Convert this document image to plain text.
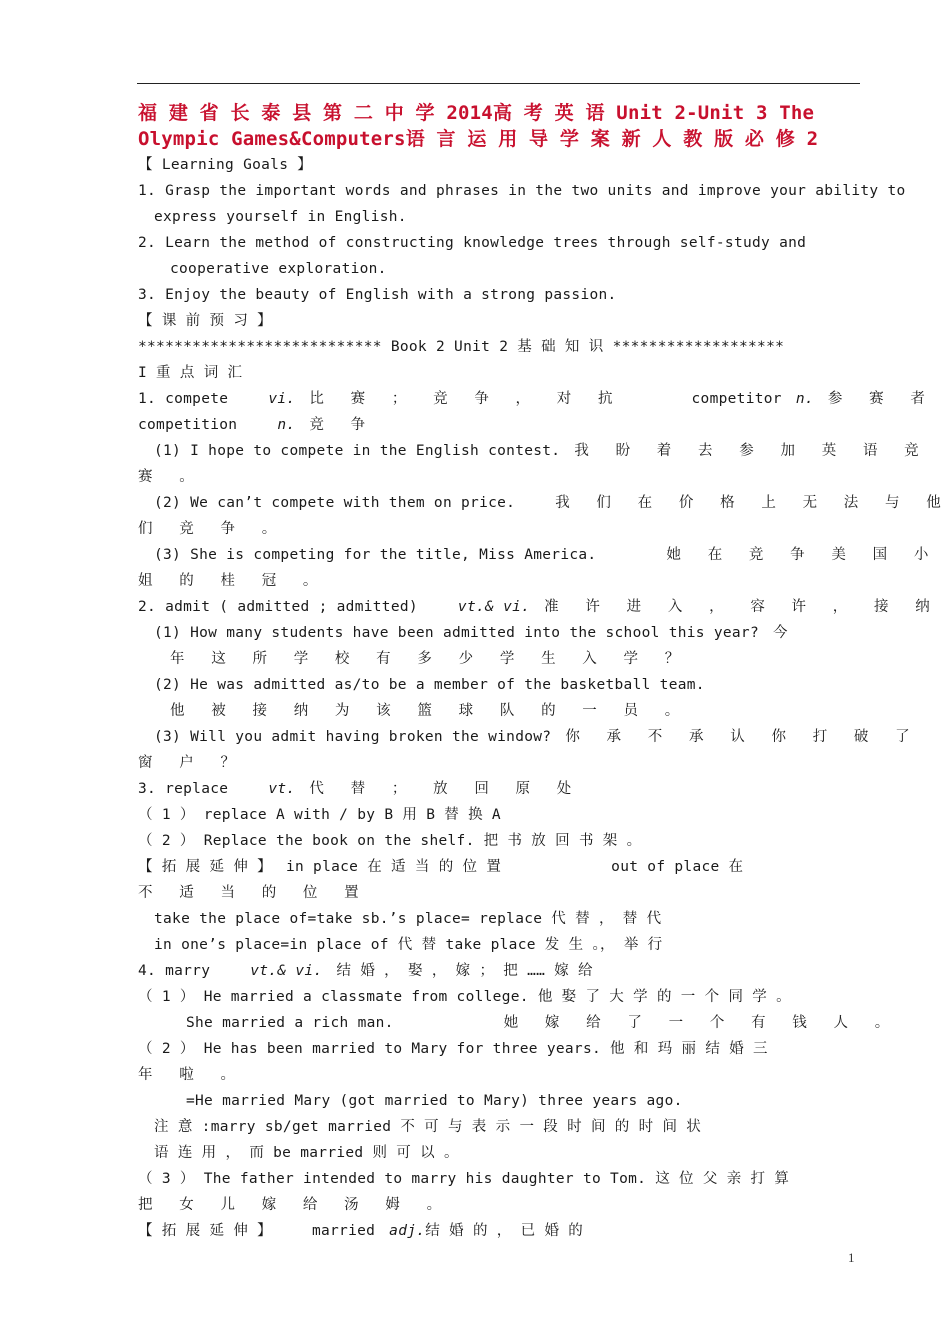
福 建 省 长 泰 县 第 二 中 学 2014高 考 英 语 Unit 2-Unit 3 The
Olympic Games&Computers语 言 运 用 导 学 案 新 人 教 版 必 修 2
【 Learning Goals 】
1. Grasp the important words and phrases in the two units and improve your ability to
express yourself in English.
2. Learn the method of constructing knowledge trees through self-study and
cooperative exploration.
3. Enjoy the beauty of English with a strong passion.
【 课 前 预 习 】
*************************** Book 2 Unit 2 基 础 知 识 *******************
I 重 点 词 汇
1. compete	vi. 比 赛 ； 竞 争 ， 对 抗	competitor n. 参 赛 者
competition	n. 竞 争
(1) I hope to compete in the English contest. 我 盼 着 去 参 加 英 语 竞
赛 。
(2) We can’t compete with them on price.	我 们 在 价 格 上 无 法 与 他
们 竞 争 。
(3) She is competing for the title, Miss America.	她 在 竞 争 美 国 小
姐 的 桂 冠 。
2. admit ( admitted ; admitted)	vt.& vi. 准 许 进 入 ， 容 许 ， 接 纳
(1) How many students have been admitted into the school this year? 今
年 这 所 学 校 有 多 少 学 生 入 学 ？
(2) He was admitted as/to be a member of the basketball team.
他 被 接 纳 为 该 篮 球 队 的 一 员 。
(3) Will you admit having broken the window? 你 承 不 承 认 你 打 破 了
窗 户 ？
3. replace	vt. 代 替 ； 放 回 原 处
（ 1 ） replace A with / by B 用 B 替 换 A
（ 2 ） Replace the book on the shelf. 把 书 放 回 书 架 。
【 拓 展 延 伸 】 in place 在 适 当 的 位 置	out of place 在
不 适 当 的 位 置
take the place of=take sb.’s place= replace 代 替 ， 替 代
in one’s place=in place of 代 替 take place 发 生 。， 举 行
4. marry	vt.& vi. 结 婚 ， 娶 ， 嫁 ； 把 …… 嫁 给
（ 1 ） He married a classmate from college. 他 娶 了 大 学 的 一 个 同 学 。
She married a rich man.	她 嫁 给 了 一 个 有 钱 人 。
（ 2 ） He has been married to Mary for three years. 他 和 玛 丽 结 婚 三
年 啦 。
=He married Mary (got married to Mary) three years ago.
注 意 :marry sb/get married 不 可 与 表 示 一 段 时 间 的 时 间 状
语 连 用 ， 而 be married 则 可 以 。
（ 3 ） The father intended to marry his daughter to Tom. 这 位 父 亲 打 算
把 女 儿 嫁 给 汤 姆 。
【 拓 展 延 伸 】	married adj.结 婚 的 ， 已 婚 的
1
